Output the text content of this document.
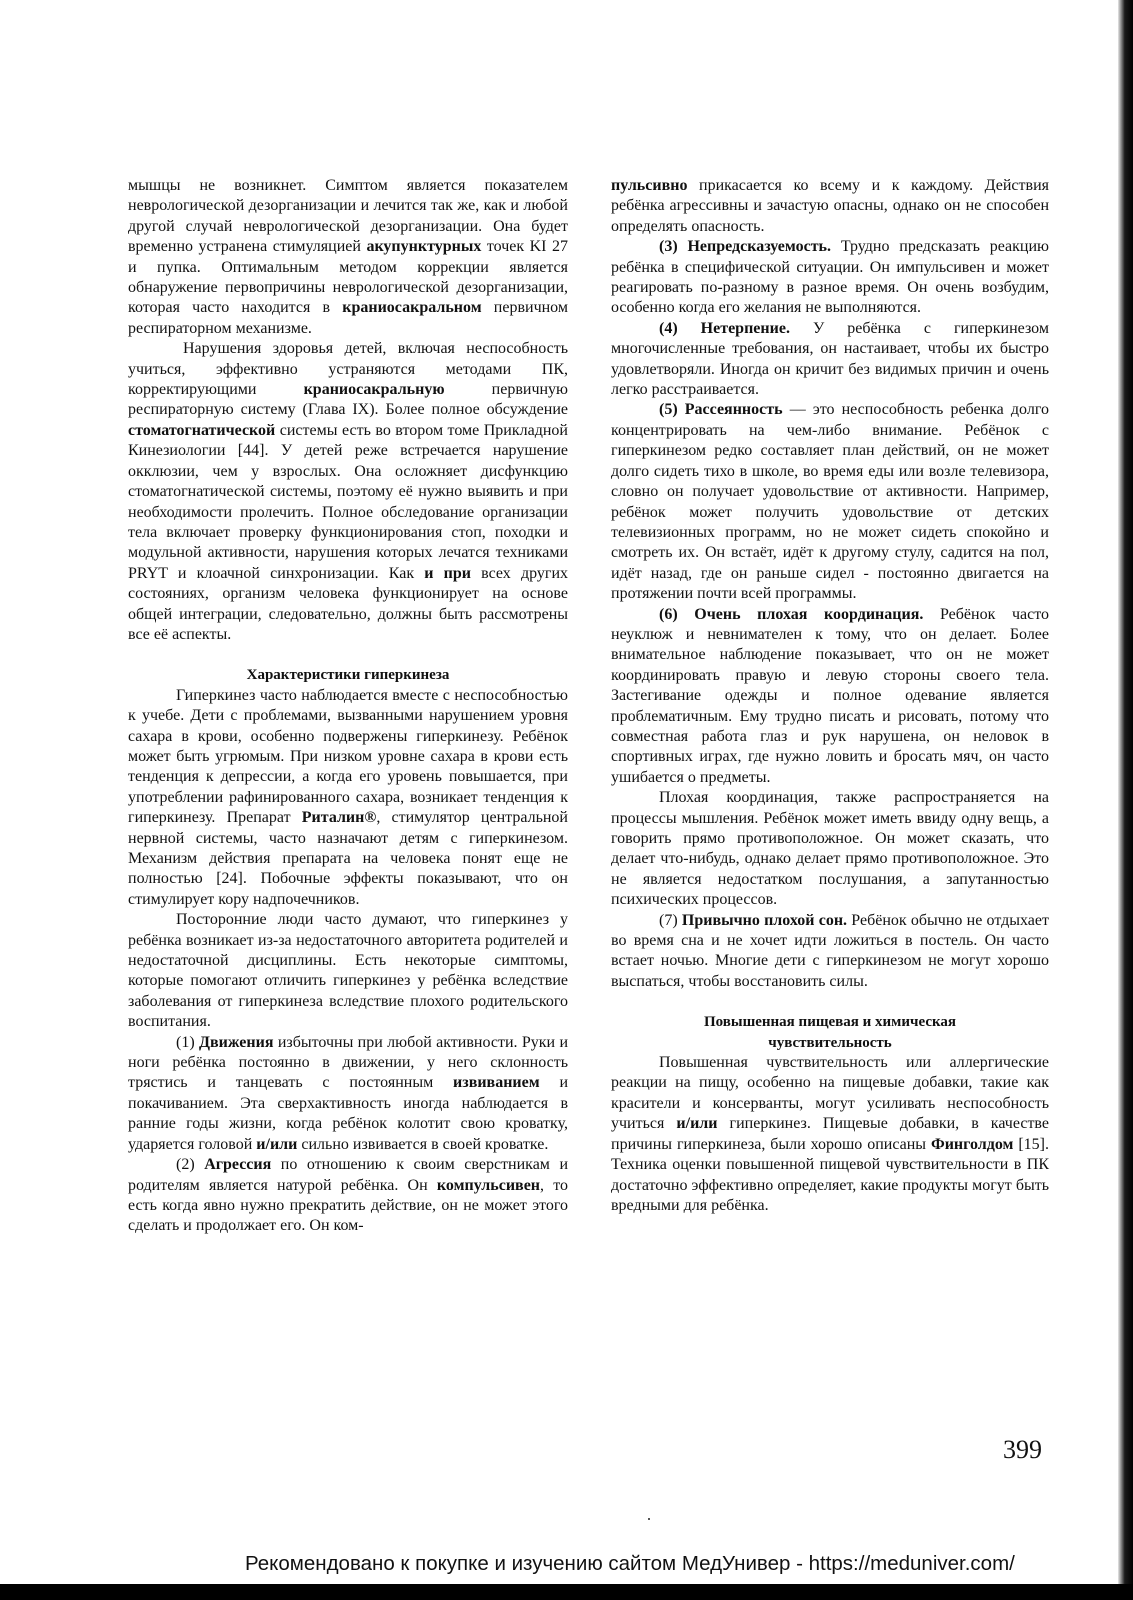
мышцы не возникнет. Симптом является показателем неврологической дезорганизации и лечится так же, как и любой другой случай неврологической дезорганизации. Она будет временно устранена стимуляцией акупунктурных точек KI 27 и пупка. Оптимальным методом коррекции является обнаружение первопричины неврологической дезорганизации, которая часто находится в краниосакральном первичном респираторном механизме.

Нарушения здоровья детей, включая неспособность учиться, эффективно устраняются методами ПК, корректирующими краниосакральную первичную респираторную систему (Глава IX). Более полное обсуждение стоматогнатической системы есть во втором томе Прикладной Кинезиологии [44]. У детей реже встречается нарушение окклюзии, чем у взрослых. Она осложняет дисфункцию стоматогнатической системы, поэтому её нужно выявить и при необходимости пролечить. Полное обследование организации тела включает проверку функционирования стоп, походки и модульной активности, нарушения которых лечатся техниками PRYT и клоачной синхронизации. Как и при всех других состояниях, организм человека функционирует на основе общей интеграции, следовательно, должны быть рассмотрены все её аспекты.

Характеристики гиперкинеза

Гиперкинез часто наблюдается вместе с неспособностью к учебе. Дети с проблемами, вызванными нарушением уровня сахара в крови, особенно подвержены гиперкинезу. Ребёнок может быть угрюмым. При низком уровне сахара в крови есть тенденция к депрессии, а когда его уровень повышается, при употреблении рафинированного сахара, возникает тенденция к гиперкинезу. Препарат Риталин®, стимулятор центральной нервной системы, часто назначают детям с гиперкинезом. Механизм действия препарата на человека понят еще не полностью [24]. Побочные эффекты показывают, что он стимулирует кору надпочечников.

Посторонние люди часто думают, что гиперкинез у ребёнка возникает из-за недостаточного авторитета родителей и недостаточной дисциплины. Есть некоторые симптомы, которые помогают отличить гиперкинез у ребёнка вследствие заболевания от гиперкинеза вследствие плохого родительского воспитания.

(1) Движения избыточны при любой активности. Руки и ноги ребёнка постоянно в движении, у него склонность трястись и танцевать с постоянным извиванием и покачиванием. Эта сверхактивность иногда наблюдается в ранние годы жизни, когда ребёнок колотит свою кроватку, ударяется головой и/или сильно извивается в своей кроватке.

(2) Агрессия по отношению к своим сверстникам и родителям является натурой ребёнка. Он компульсивен, то есть когда явно нужно прекратить действие, он не может этого сделать и продолжает его. Он ком-

пульсивно прикасается ко всему и к каждому. Действия ребёнка агрессивны и зачастую опасны, однако он не способен определять опасность.

(3) Непредсказуемость. Трудно предсказать реакцию ребёнка в специфической ситуации. Он импульсивен и может реагировать по-разному в разное время. Он очень возбудим, особенно когда его желания не выполняются.

(4) Нетерпение. У ребёнка с гиперкинезом многочисленные требования, он настаивает, чтобы их быстро удовлетворяли. Иногда он кричит без видимых причин и очень легко расстраивается.

(5) Рассеянность — это неспособность ребенка долго концентрировать на чем-либо внимание. Ребёнок с гиперкинезом редко составляет план действий, он не может долго сидеть тихо в школе, во время еды или возле телевизора, словно он получает удовольствие от активности. Например, ребёнок может получить удовольствие от детских телевизионных программ, но не может сидеть спокойно и смотреть их. Он встаёт, идёт к другому стулу, садится на пол, идёт назад, где он раньше сидел - постоянно двигается на протяжении почти всей программы.

(6) Очень плохая координация. Ребёнок часто неуклюж и невнимателен к тому, что он делает. Более внимательное наблюдение показывает, что он не может координировать правую и левую стороны своего тела. Застегивание одежды и полное одевание является проблематичным. Ему трудно писать и рисовать, потому что совместная работа глаз и рук нарушена, он неловок в спортивных играх, где нужно ловить и бросать мяч, он часто ушибается о предметы.

Плохая координация, также распространяется на процессы мышления. Ребёнок может иметь ввиду одну вещь, а говорить прямо противоположное. Он может сказать, что делает что-нибудь, однако делает прямо противоположное. Это не является недостатком послушания, а запутанностью психических процессов.

(7) Привычно плохой сон. Ребёнок обычно не отдыхает во время сна и не хочет идти ложиться в постель. Он часто встает ночью. Многие дети с гиперкинезом не могут хорошо выспаться, чтобы восстановить силы.

Повышенная пищевая и химическая
чувствительность

Повышенная чувствительность или аллергические реакции на пищу, особенно на пищевые добавки, такие как красители и консерванты, могут усиливать неспособность учиться и/или гиперкинез. Пищевые добавки, в качестве причины гиперкинеза, были хорошо описаны Финголдом [15]. Техника оценки повышенной пищевой чувствительности в ПК достаточно эффективно определяет, какие продукты могут быть вредными для ребёнка.

399
Рекомендовано к покупке и изучению сайтом МедУнивер - https://meduniver.com/
